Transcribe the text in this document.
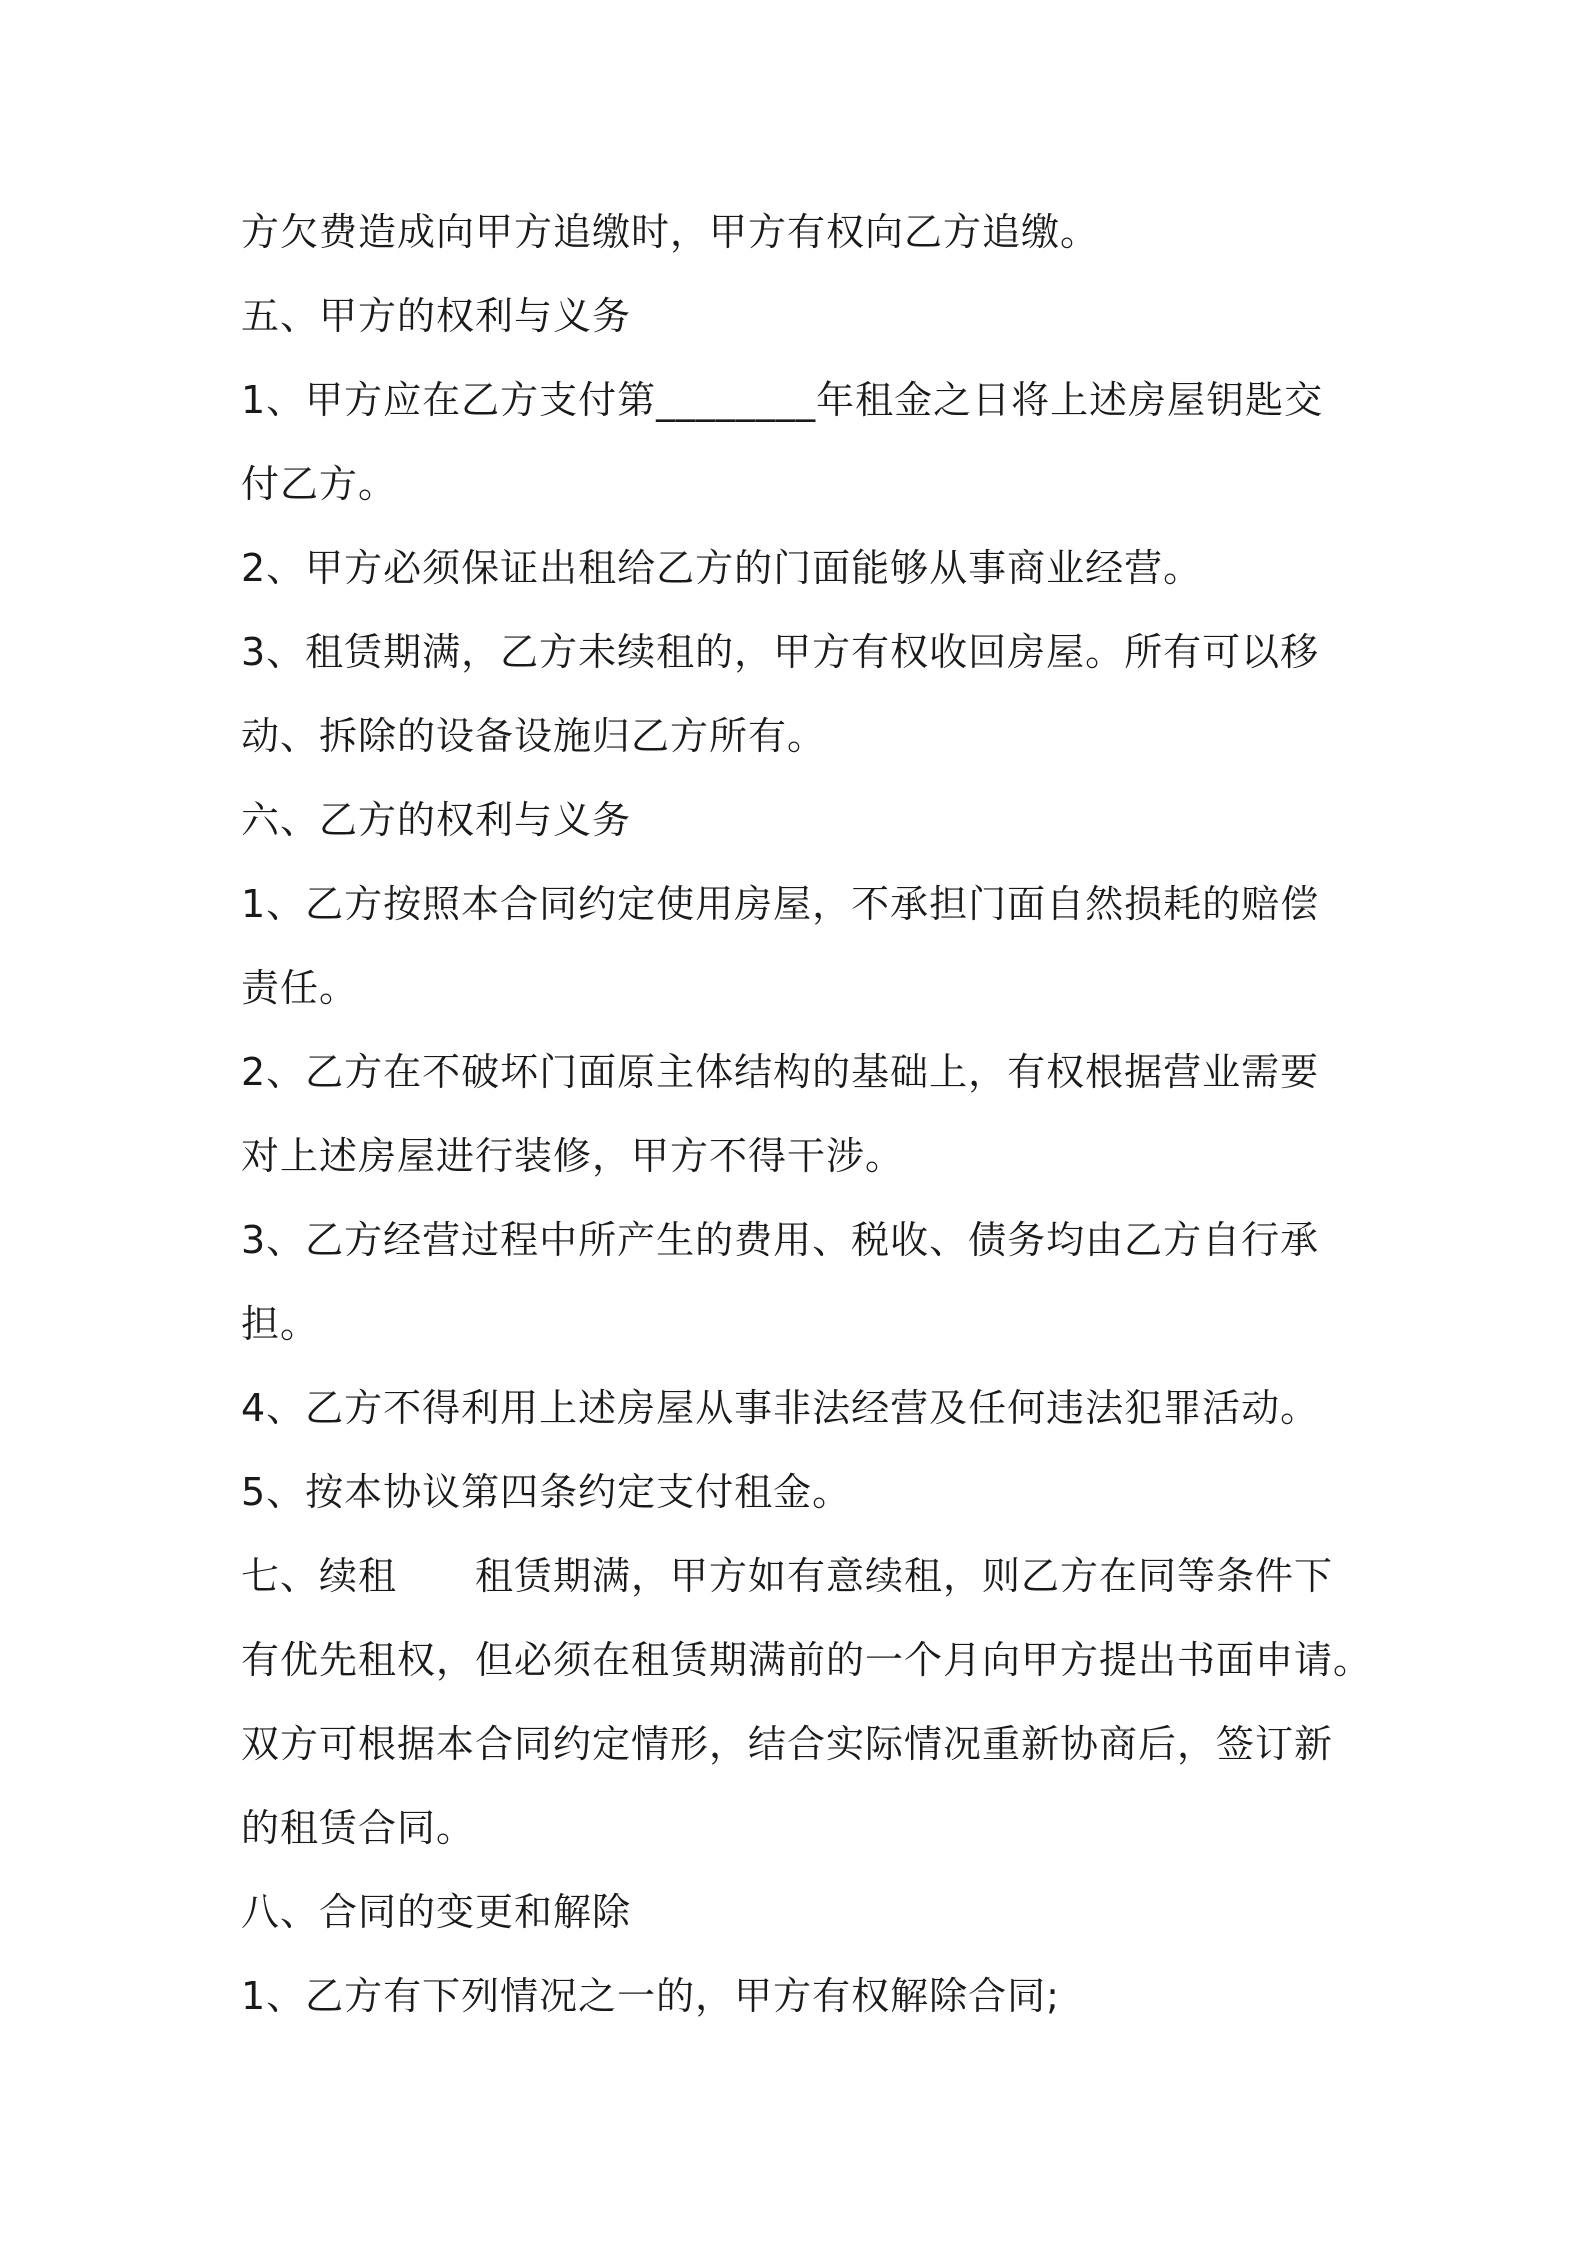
方欠费造成向甲方追缴时，甲方有权向乙方追缴。
五、甲方的权利与义务
1、甲方应在乙方支付第________年租金之日将上述房屋钥匙交
付乙方。
2、甲方必须保证出租给乙方的门面能够从事商业经营。
3、租赁期满，乙方未续租的，甲方有权收回房屋。所有可以移
动、拆除的设备设施归乙方所有。
六、乙方的权利与义务
1、乙方按照本合同约定使用房屋，不承担门面自然损耗的赔偿
责任。
2、乙方在不破坏门面原主体结构的基础上，有权根据营业需要
对上述房屋进行装修，甲方不得干涉。
3、乙方经营过程中所产生的费用、税收、债务均由乙方自行承
担。
4、乙方不得利用上述房屋从事非法经营及任何违法犯罪活动。
5、按本协议第四条约定支付租金。
七、续租　　租赁期满，甲方如有意续租，则乙方在同等条件下
有优先租权，但必须在租赁期满前的一个月向甲方提出书面申请。
双方可根据本合同约定情形，结合实际情况重新协商后，签订新
的租赁合同。
八、合同的变更和解除
1、乙方有下列情况之一的，甲方有权解除合同;
